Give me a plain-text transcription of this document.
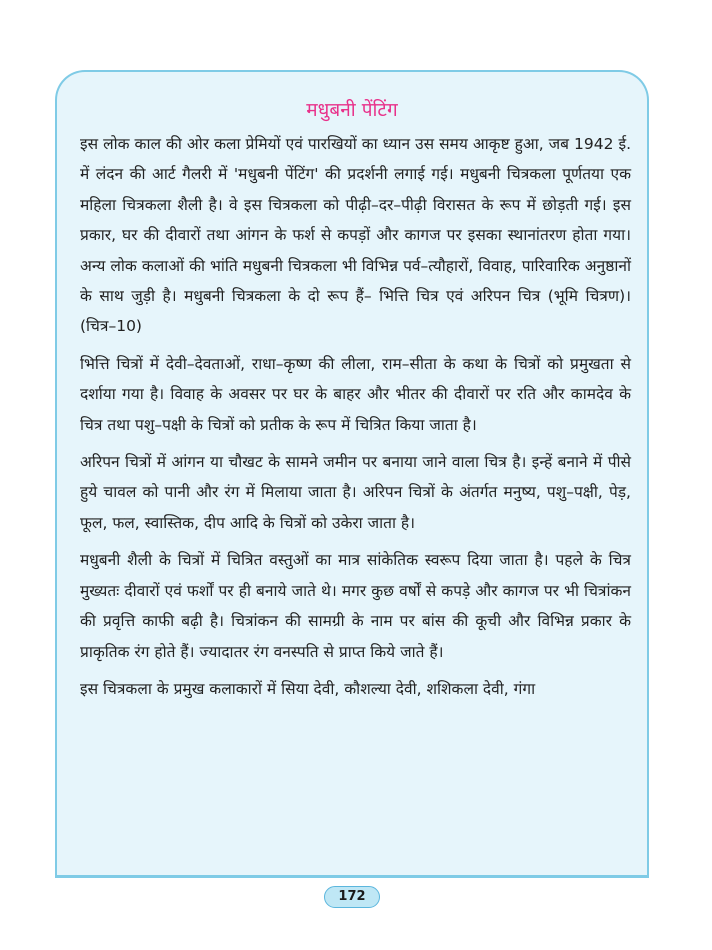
मधुबनी पेंटिंग

इस लोक काल की ओर कला प्रेमियों एवं पारखियों का ध्यान उस समय आकृष्ट हुआ, जब 1942 ई. में लंदन की आर्ट गैलरी में 'मधुबनी पेंटिंग' की प्रदर्शनी लगाई गई। मधुबनी चित्रकला पूर्णतया एक महिला चित्रकला शैली है। वे इस चित्रकला को पीढ़ी–दर–पीढ़ी विरासत के रूप में छोड़ती गई। इस प्रकार, घर की दीवारों तथा आंगन के फर्श से कपड़ों और कागज पर इसका स्थानांतरण होता गया। अन्य लोक कलाओं की भांति मधुबनी चित्रकला भी विभिन्न पर्व–त्यौहारों, विवाह, पारिवारिक अनुष्ठानों के साथ जुड़ी है। मधुबनी चित्रकला के दो रूप हैं– भित्ति चित्र एवं अरिपन चित्र (भूमि चित्रण)। (चित्र–10)

भित्ति चित्रों में देवी–देवताओं, राधा–कृष्ण की लीला, राम–सीता के कथा के चित्रों को प्रमुखता से दर्शाया गया है। विवाह के अवसर पर घर के बाहर और भीतर की दीवारों पर रति और कामदेव के चित्र तथा पशु–पक्षी के चित्रों को प्रतीक के रूप में चित्रित किया जाता है।

अरिपन चित्रों में आंगन या चौखट के सामने जमीन पर बनाया जाने वाला चित्र है। इन्हें बनाने में पीसे हुये चावल को पानी और रंग में मिलाया जाता है। अरिपन चित्रों के अंतर्गत मनुष्य, पशु–पक्षी, पेड़, फूल, फल, स्वास्तिक, दीप आदि के चित्रों को उकेरा जाता है।

मधुबनी शैली के चित्रों में चित्रित वस्तुओं का मात्र सांकेतिक स्वरूप दिया जाता है। पहले के चित्र मुख्यतः दीवारों एवं फर्शों पर ही बनाये जाते थे। मगर कुछ वर्षों से कपड़े और कागज पर भी चित्रांकन की प्रवृत्ति काफी बढ़ी है। चित्रांकन की सामग्री के नाम पर बांस की कूची और विभिन्न प्रकार के प्राकृतिक रंग होते हैं। ज्यादातर रंग वनस्पति से प्राप्त किये जाते हैं।

इस चित्रकला के प्रमुख कलाकारों में सिया देवी, कौशल्या देवी, शशिकला देवी, गंगा

172
